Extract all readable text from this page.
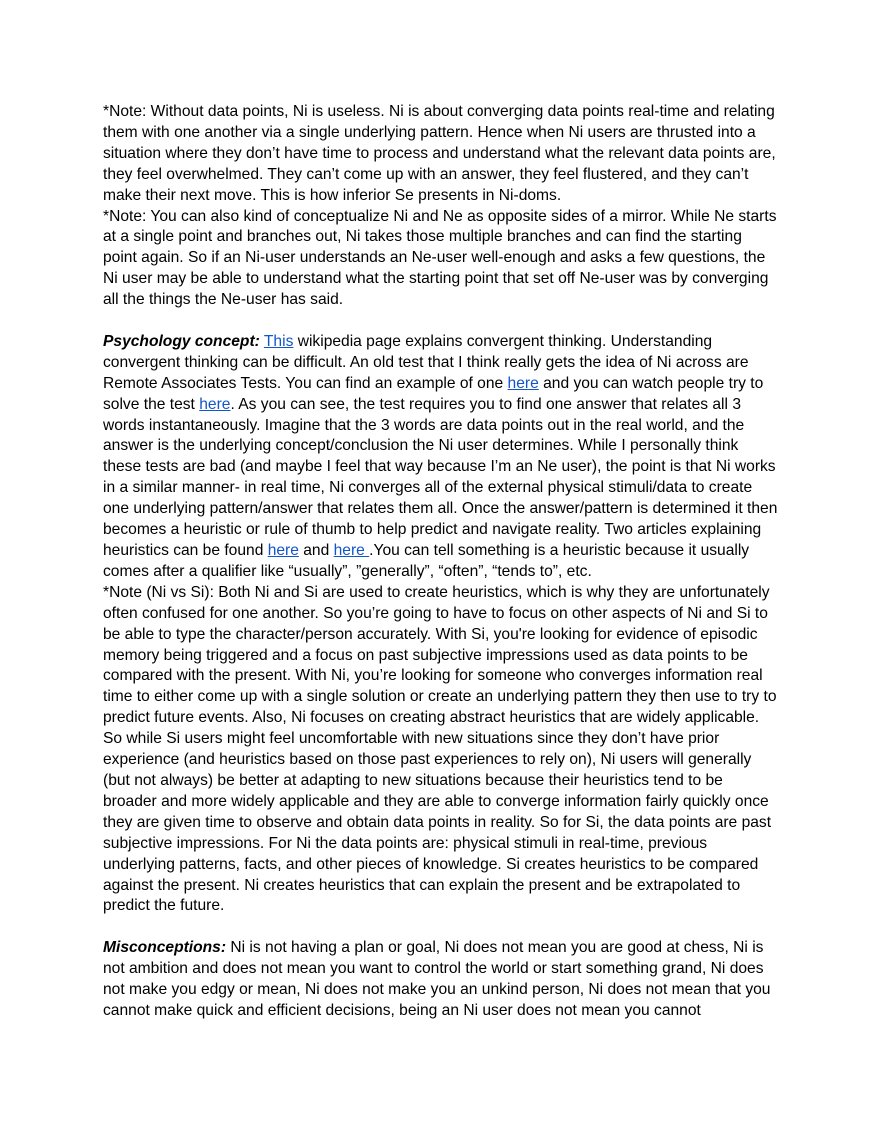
*Note: Without data points, Ni is useless. Ni is about converging data points real-time and relating them with one another via a single underlying pattern. Hence when Ni users are thrusted into a situation where they don’t have time to process and understand what the relevant data points are, they feel overwhelmed. They can’t come up with an answer, they feel flustered, and they can’t make their next move. This is how inferior Se presents in Ni-doms.

*Note: You can also kind of conceptualize Ni and Ne as opposite sides of a mirror. While Ne starts at a single point and branches out, Ni takes those multiple branches and can find the starting point again. So if an Ni-user understands an Ne-user well-enough and asks a few questions, the Ni user may be able to understand what the starting point that set off Ne-user was by converging all the things the Ne-user has said.

Psychology concept: This wikipedia page explains convergent thinking. Understanding convergent thinking can be difficult. An old test that I think really gets the idea of Ni across are Remote Associates Tests. You can find an example of one here and you can watch people try to solve the test here. As you can see, the test requires you to find one answer that relates all 3 words instantaneously. Imagine that the 3 words are data points out in the real world, and the answer is the underlying concept/conclusion the Ni user determines. While I personally think these tests are bad (and maybe I feel that way because I’m an Ne user), the point is that Ni works in a similar manner- in real time, Ni converges all of the external physical stimuli/data to create one underlying pattern/answer that relates them all. Once the answer/pattern is determined it then becomes a heuristic or rule of thumb to help predict and navigate reality. Two articles explaining heuristics can be found here and here .You can tell something is a heuristic because it usually comes after a qualifier like “usually”, ”generally”, “often”, “tends to”, etc.

*Note (Ni vs Si): Both Ni and Si are used to create heuristics, which is why they are unfortunately often confused for one another. So you’re going to have to focus on other aspects of Ni and Si to be able to type the character/person accurately. With Si, you're looking for evidence of episodic memory being triggered and a focus on past subjective impressions used as data points to be compared with the present. With Ni, you’re looking for someone who converges information real time to either come up with a single solution or create an underlying pattern they then use to try to predict future events. Also, Ni focuses on creating abstract heuristics that are widely applicable. So while Si users might feel uncomfortable with new situations since they don’t have prior experience (and heuristics based on those past experiences to rely on), Ni users will generally (but not always) be better at adapting to new situations because their heuristics tend to be broader and more widely applicable and they are able to converge information fairly quickly once they are given time to observe and obtain data points in reality. So for Si, the data points are past subjective impressions. For Ni the data points are: physical stimuli in real-time, previous underlying patterns, facts, and other pieces of knowledge. Si creates heuristics to be compared against the present. Ni creates heuristics that can explain the present and be extrapolated to predict the future.

Misconceptions: Ni is not having a plan or goal, Ni does not mean you are good at chess, Ni is not ambition and does not mean you want to control the world or start something grand, Ni does not make you edgy or mean, Ni does not make you an unkind person, Ni does not mean that you cannot make quick and efficient decisions, being an Ni user does not mean you cannot
